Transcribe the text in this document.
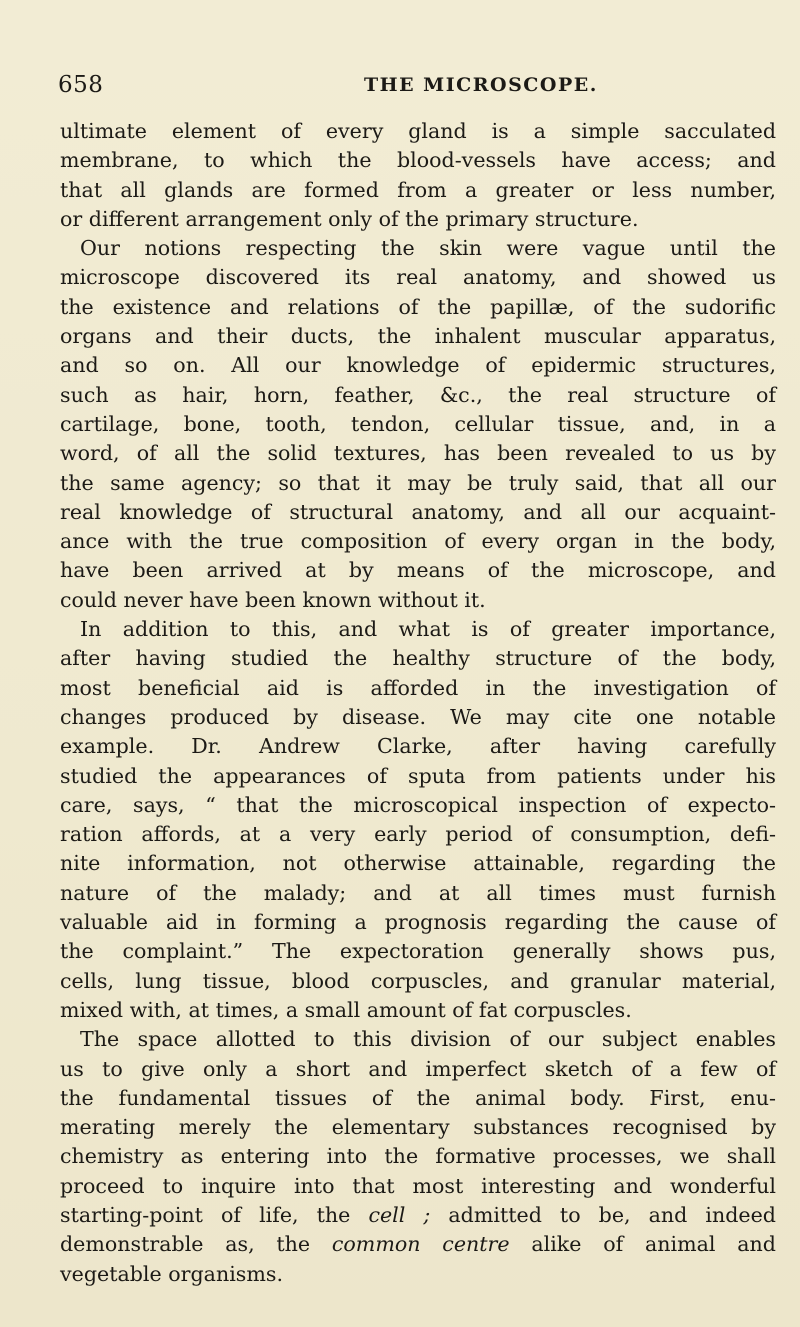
658	THE MICROSCOPE.
ultimate element of every gland is a simple sacculated
membrane, to which the blood-vessels have access; and
that all glands are formed from a greater or less number,
or different arrangement only of the primary structure.
Our notions respecting the skin were vague until the
microscope discovered its real anatomy, and showed us
the existence and relations of the papillæ, of the sudorific
organs and their ducts, the inhalent muscular apparatus,
and so on. All our knowledge of epidermic structures,
such as hair, horn, feather, &c., the real structure of
cartilage, bone, tooth, tendon, cellular tissue, and, in a
word, of all the solid textures, has been revealed to us by
the same agency; so that it may be truly said, that all our
real knowledge of structural anatomy, and all our acquaint-
ance with the true composition of every organ in the body,
have been arrived at by means of the microscope, and
could never have been known without it.
In addition to this, and what is of greater importance,
after having studied the healthy structure of the body,
most beneficial aid is afforded in the investigation of
changes produced by disease. We may cite one notable
example. Dr. Andrew Clarke, after having carefully
studied the appearances of sputa from patients under his
care, says, “ that the microscopical inspection of expecto-
ration affords, at a very early period of consumption, defi-
nite information, not otherwise attainable, regarding the
nature of the malady; and at all times must furnish
valuable aid in forming a prognosis regarding the cause of
the complaint.” The expectoration generally shows pus,
cells, lung tissue, blood corpuscles, and granular material,
mixed with, at times, a small amount of fat corpuscles.
The space allotted to this division of our subject enables
us to give only a short and imperfect sketch of a few of
the fundamental tissues of the animal body. First, enu-
merating merely the elementary substances recognised by
chemistry as entering into the formative processes, we shall
proceed to inquire into that most interesting and wonderful
starting-point of life, the cell ; admitted to be, and indeed
demonstrable as, the common centre alike of animal and
vegetable organisms.
